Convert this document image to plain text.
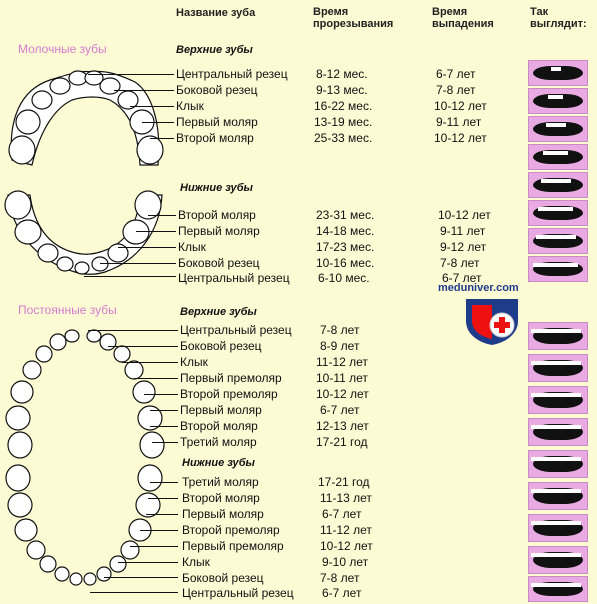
Название зуба	Время
прорезывания
Время
выпадения
Так
выглядит:
Молочные зубы	Верхние зубы
Нижние зубы
Постоянные зубы	Верхние зубы
Нижние зубы
Центральный резец 8-12 мес.	6-7 лет
Боковой резец	9-13 мес.	7-8 лет
Клык	16-22 мес.	10-12 лет
Первый моляр	13-19 мес.	9-11 лет
Второй моляр	25-33 мес.	10-12 лет
Второй моляр	23-31 мес.	10-12 лет
Первый моляр	14-18 мес.	9-11 лет
Клык	17-23 мес.	9-12 лет
Боковой резец	10-16 мес.	7-8 лет
Центральный резец 6-10 мес.	6-7 лет
meduniver.com
Центральный резец 7-8 лет
Боковой резец	8-9 лет
Клык	11-12 лет
Первый премоляр	10-11 лет
Второй премоляр	10-12 лет
Первый моляр	6-7 лет
Второй моляр	12-13 лет
Третий моляр	17-21 год
Третий моляр	17-21 год
Второй моляр	11-13 лет
Первый моляр	6-7 лет
Второй премоляр	11-12 лет
Первый премоляр	10-12 лет
Клык	9-10 лет
Боковой резец	7-8 лет
Центральный резец 6-7 лет
